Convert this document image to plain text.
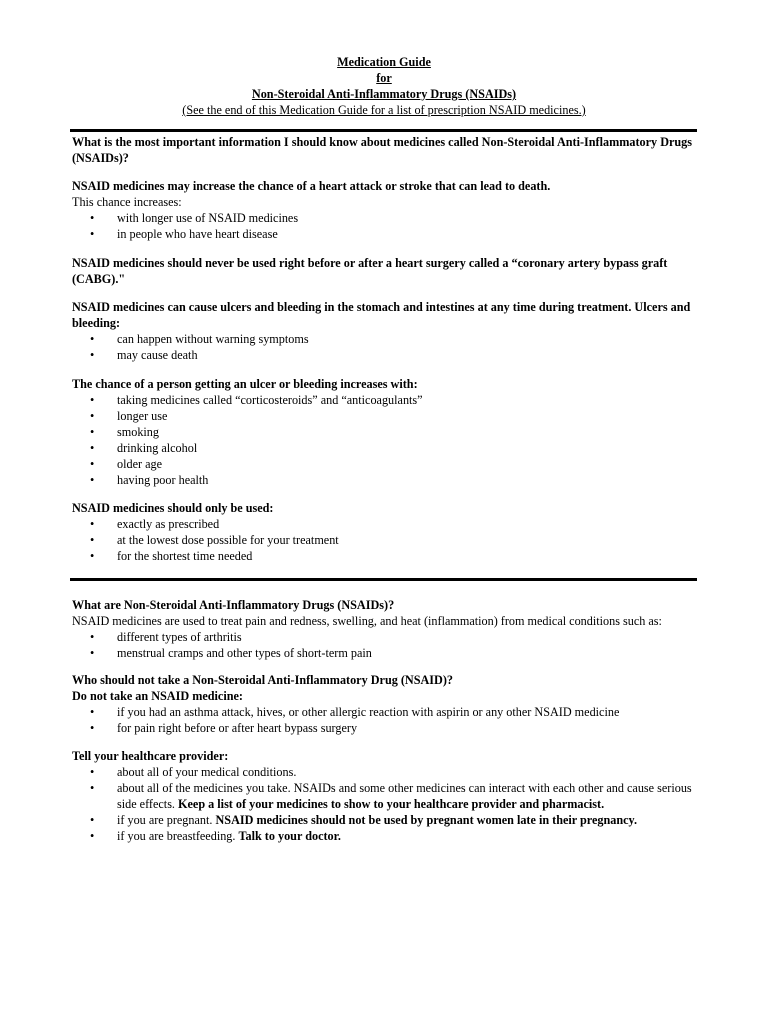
Medication Guide
for
Non-Steroidal Anti-Inflammatory Drugs (NSAIDs)
(See the end of this Medication Guide for a list of prescription NSAID medicines.)
What is the most important information I should know about medicines called Non-Steroidal Anti-Inflammatory Drugs (NSAIDs)?
NSAID medicines may increase the chance of a heart attack or stroke that can lead to death.
This chance increases:
• with longer use of NSAID medicines
• in people who have heart disease
NSAID medicines should never be used right before or after a heart surgery called a “coronary artery bypass graft (CABG)."
NSAID medicines can cause ulcers and bleeding in the stomach and intestines at any time during treatment. Ulcers and bleeding:
• can happen without warning symptoms
• may cause death
The chance of a person getting an ulcer or bleeding increases with:
• taking medicines called “corticosteroids” and “anticoagulants”
• longer use
• smoking
• drinking alcohol
• older age
• having poor health
NSAID medicines should only be used:
• exactly as prescribed
• at the lowest dose possible for your treatment
• for the shortest time needed
What are Non-Steroidal Anti-Inflammatory Drugs (NSAIDs)?
NSAID medicines are used to treat pain and redness, swelling, and heat (inflammation) from medical conditions such as:
• different types of arthritis
• menstrual cramps and other types of short-term pain
Who should not take a Non-Steroidal Anti-Inflammatory Drug (NSAID)?
Do not take an NSAID medicine:
• if you had an asthma attack, hives, or other allergic reaction with aspirin or any other NSAID medicine
• for pain right before or after heart bypass surgery
Tell your healthcare provider:
• about all of your medical conditions.
• about all of the medicines you take. NSAIDs and some other medicines can interact with each other and cause serious side effects. Keep a list of your medicines to show to your healthcare provider and pharmacist.
• if you are pregnant. NSAID medicines should not be used by pregnant women late in their pregnancy.
• if you are breastfeeding. Talk to your doctor.
